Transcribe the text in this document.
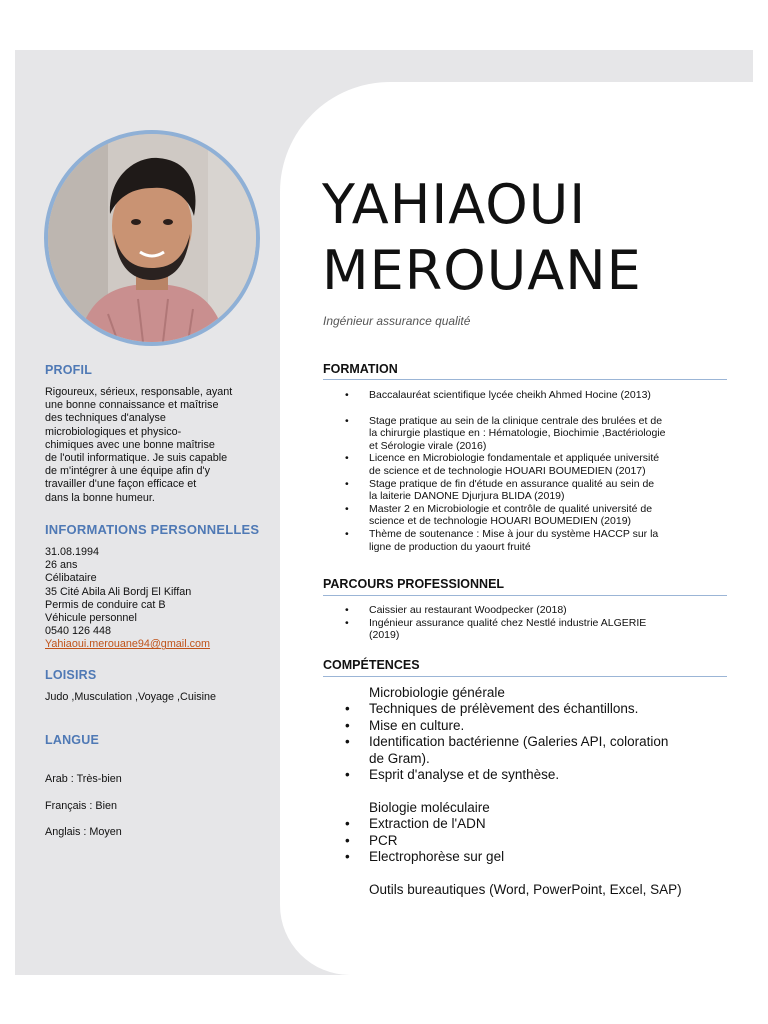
PROFIL
Rigoureux, sérieux, responsable, ayant
une bonne connaissance et maîtrise
des techniques d'analyse
microbiologiques et physico-
chimiques avec une bonne maîtrise
de l'outil informatique. Je suis capable
de m'intégrer à une équipe afin d'y
travailler d'une façon efficace et
dans la bonne humeur.
INFORMATIONS PERSONNELLES
31.08.1994
26 ans
Célibataire
35 Cité Abila Ali Bordj El Kiffan
Permis de conduire cat B
Véhicule personnel
0540 126 448
Yahiaoui.merouane94@gmail.com
LOISIRS
Judo ,Musculation ,Voyage ,Cuisine
LANGUE
Arab : Très-bien
Français : Bien
Anglais : Moyen
YAHIAOUI
MEROUANE
Ingénieur assurance qualité
FORMATION
• Baccalauréat scientifique lycée cheikh Ahmed Hocine (2013)
• Stage pratique au sein de la clinique centrale des brulées et de
la chirurgie plastique en : Hématologie, Biochimie ,Bactériologie
et Sérologie virale (2016)
• Licence en Microbiologie fondamentale et appliquée université
de science et de technologie HOUARI BOUMEDIEN (2017)
• Stage pratique de fin d'étude en assurance qualité au sein de
la laiterie DANONE Djurjura BLIDA (2019)
• Master 2 en Microbiologie et contrôle de qualité université de
science et de technologie HOUARI BOUMEDIEN (2019)
• Thème de soutenance : Mise à jour du système HACCP sur la
ligne de production du yaourt fruité
PARCOURS PROFESSIONNEL
• Caissier au restaurant Woodpecker (2018)
• Ingénieur assurance qualité chez Nestlé industrie ALGERIE
(2019)
COMPÉTENCES
Microbiologie générale
• Techniques de prélèvement des échantillons.
• Mise en culture.
• Identification bactérienne (Galeries API, coloration
de Gram).
• Esprit d'analyse et de synthèse.
Biologie moléculaire
• Extraction de l'ADN
• PCR
• Electrophorèse sur gel
Outils bureautiques (Word, PowerPoint, Excel, SAP)
